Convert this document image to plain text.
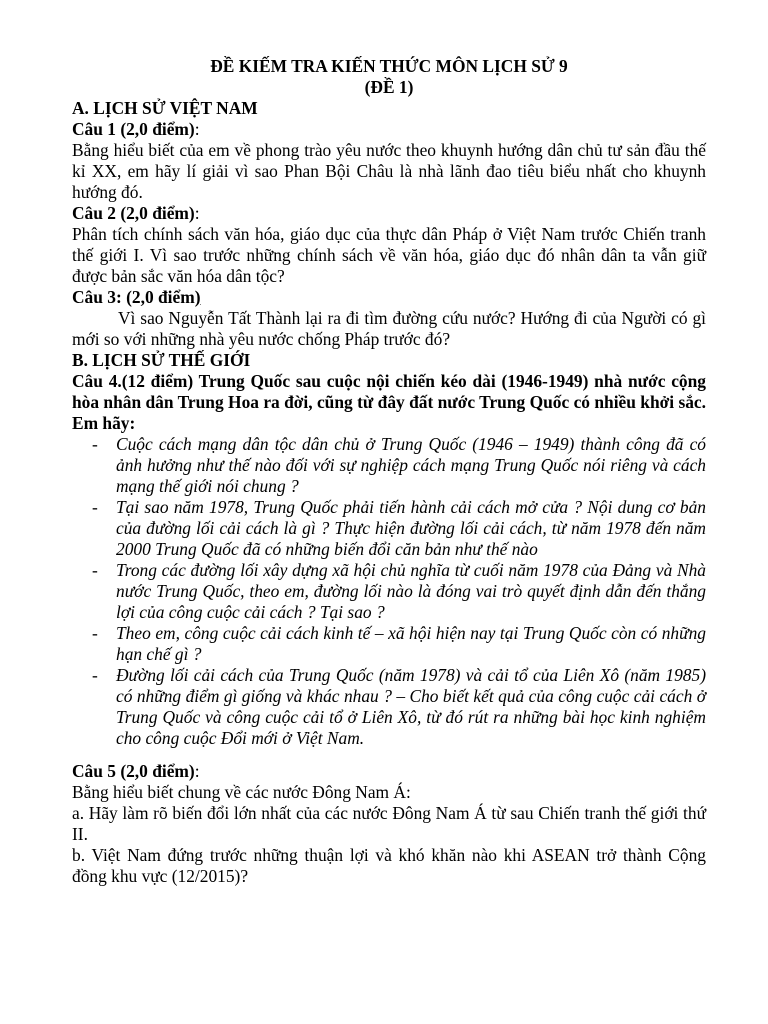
ĐỀ KIẾM TRA KIẾN THỨC MÔN LỊCH SỬ 9
(ĐỀ 1)
A. LỊCH SỬ VIỆT NAM
Câu 1 (2,0 điểm):

Bằng hiểu biết của em về phong trào yêu nước theo khuynh hướng dân chủ tư sản đầu thế kỉ XX, em hãy lí giải vì sao Phan Bội Châu là nhà lãnh đao tiêu biểu nhất cho khuynh hướng đó.

Câu 2 (2,0 điểm):

Phân tích chính sách văn hóa, giáo dục của thực dân Pháp ở Việt Nam trước Chiến tranh thế giới I. Vì sao trước những chính sách về văn hóa, giáo dục đó nhân dân ta vẫn giữ được bản sắc văn hóa dân tộc?

Câu 3: (2,0 điểm)

Vì sao Nguyễn Tất Thành lại ra đi tìm đường cứu nước? Hướng đi của Người có gì mới so với những nhà yêu nước chống Pháp trước đó?

B. LỊCH SỬ THẾ GIỚI

Câu 4.(12 điểm) Trung Quốc sau cuộc nội chiến kéo dài (1946-1949) nhà nước cộng hòa nhân dân Trung Hoa ra đời, cũng từ đây đất nước Trung Quốc có nhiều khởi sắc. Em hãy:

- Cuộc cách mạng dân tộc dân chủ ở Trung Quốc (1946 – 1949) thành công đã có ảnh hưởng như thế nào đối với sự nghiệp cách mạng Trung Quốc nói riêng và cách mạng thế giới nói chung ?
- Tại sao năm 1978, Trung Quốc phải tiến hành cải cách mở cửa ? Nội dung cơ bản của đường lối cải cách là gì ? Thực hiện đường lối cải cách, từ năm 1978 đến năm 2000 Trung Quốc đã có những biến đổi căn bản như thế nào
- Trong các đường lối xây dựng xã hội chủ nghĩa từ cuối năm 1978 của Đảng và Nhà nước Trung Quốc, theo em, đường lối nào là đóng vai trò quyết định dẫn đến thắng lợi của công cuộc cải cách ? Tại sao ?
- Theo em, công cuộc cải cách kinh tế – xã hội hiện nay tại Trung Quốc còn có những hạn chế gì ?
- Đường lối cải cách của Trung Quốc (năm 1978) và cải tổ của Liên Xô (năm 1985) có những điểm gì giống và khác nhau ? – Cho biết kết quả của công cuộc cải cách ở Trung Quốc và công cuộc cải tổ ở Liên Xô, từ đó rút ra những bài học kinh nghiệm cho công cuộc Đổi mới ở Việt Nam.
Câu 5 (2,0 điểm):

Bằng hiểu biết chung về các nước Đông Nam Á:

a. Hãy làm rõ biến đổi lớn nhất của các nước Đông Nam Á từ sau Chiến tranh thế giới thứ II.

b. Việt Nam đứng trước những thuận lợi và khó khăn nào khi ASEAN trở thành Cộng đồng khu vực (12/2015)?
